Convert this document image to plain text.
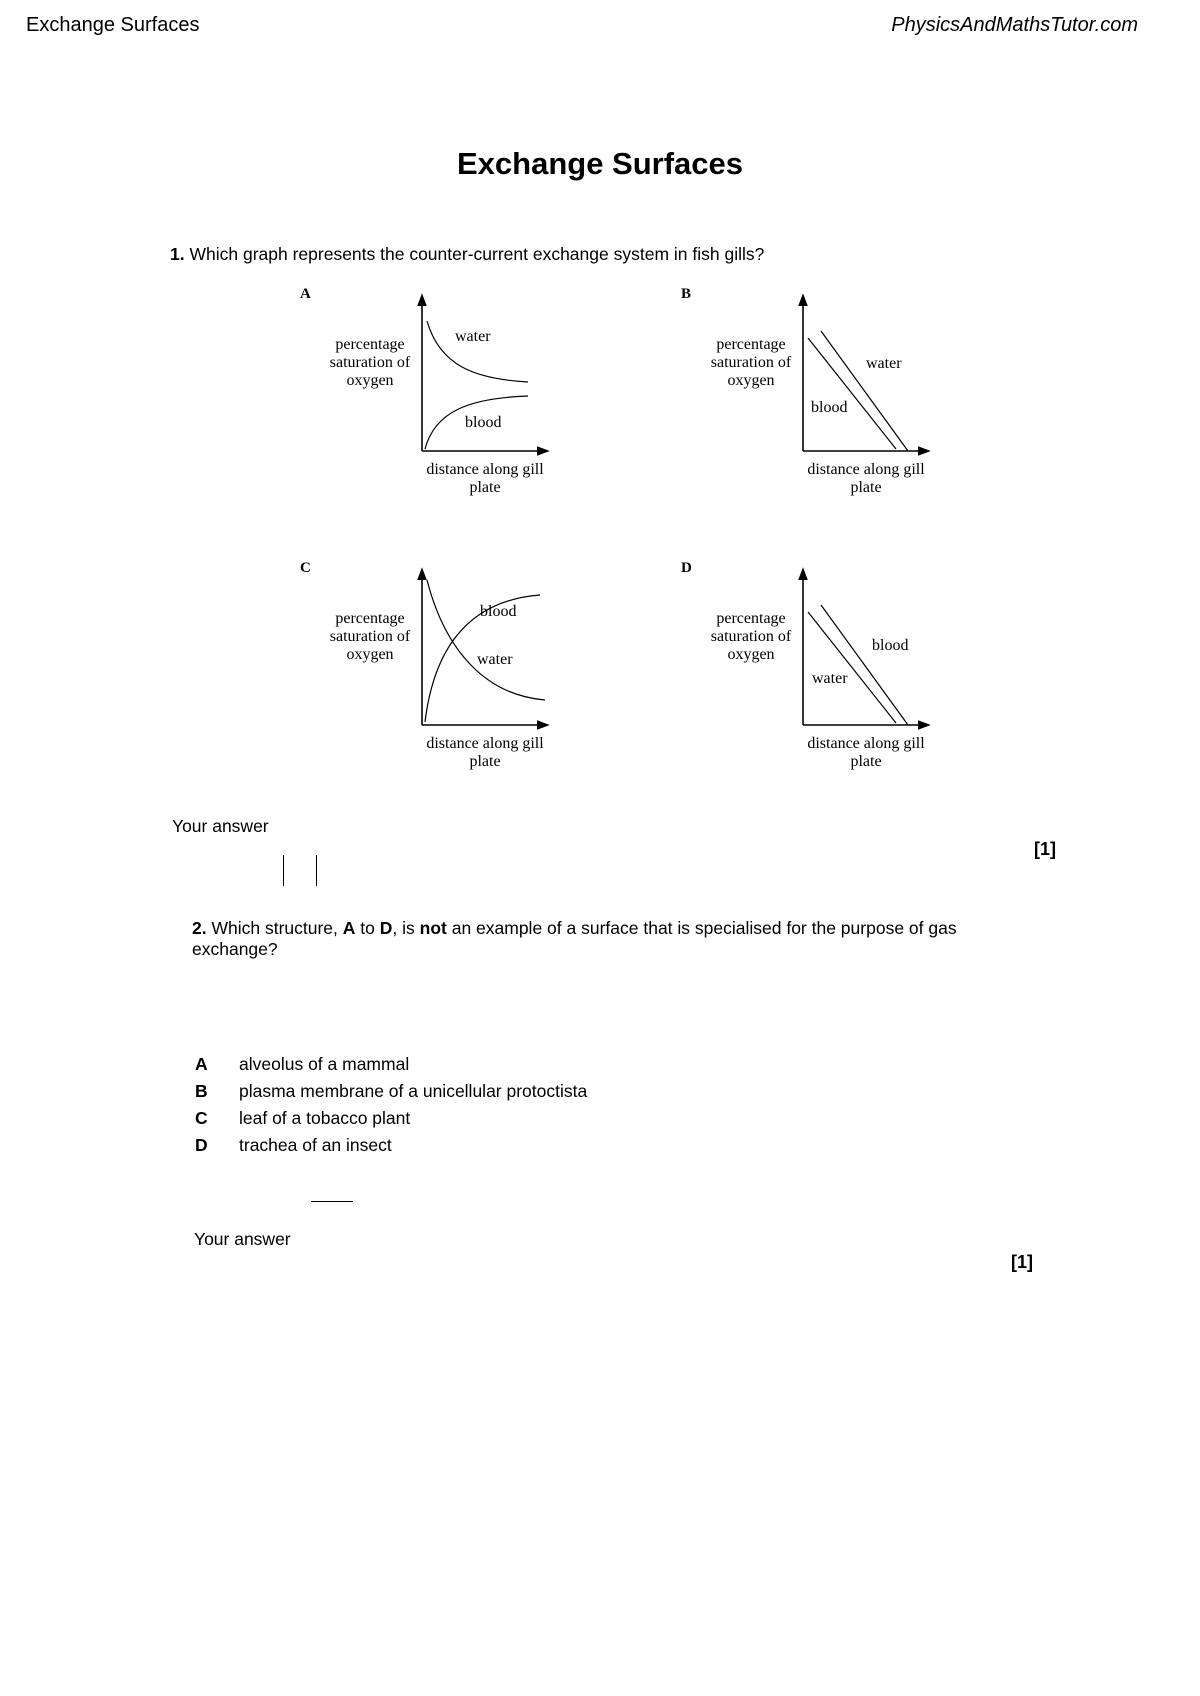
Exchange Surfaces	PhysicsAndMathsTutor.com
Exchange Surfaces
1. Which graph represents the counter-current exchange system in fish gills?
A
percentage saturation of oxygen
water
blood
distance along gill plate
B
percentage saturation of oxygen
water
blood
distance along gill plate
C
percentage saturation of oxygen
blood
water
distance along gill plate
D
percentage saturation of oxygen
blood
water
distance along gill plate
Your answer
[1]
2. Which structure, A to D, is not an example of a surface that is specialised for the purpose of gas exchange?
A alveolus of a mammal
B plasma membrane of a unicellular protoctista
C leaf of a tobacco plant
D trachea of an insect
Your answer
[1]
